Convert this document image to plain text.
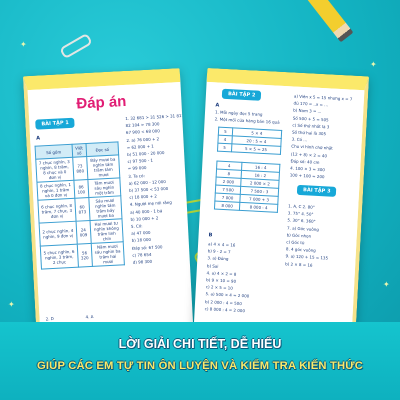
✦
✦
✦
✦
Đáp án
BÀI TẬP 1
A
Số gồm	Viết số	Đọc số
7 chục nghìn, 3 nghìn, 8 trăm, 8 chục và 0 đơn vị	73 880	Bảy mươi ba nghìn tám trăm tám mươi
8 chục nghìn, 1 nghìn, 1 trăm và 0 đơn vị	86 100	Tám mươi sáu nghìn một trăm
6 chục nghìn, 8 trăm, 7 chục, 3 đơn vị	60 873	Sáu mươi nghìn tám trăm bảy mươi ba
2 chục nghìn, 4 nghìn, 9 đơn vị	24 009	Hai mươi tư nghìn không trăm linh chín
5 chục nghìn, 6 nghìn, 3 trăm, 2 chục	56 320	Năm mươi sáu nghìn ba trăm hai mươi
2. D	4. A
1. 32 681 > 31 526 > 31 817
82 104 > 78 300
67 900 < 68 000
2. a) 76 000 + 2
= 62 000 + 1
b) 51 000 - 20 000
c) 97 500 - 1
= 99 000
3. Ta có:
a) 62 000 - 12 000
b) 37 500 < 53 000
c) 18 000 + 2
4. Người mẹ nói rằng
a) 40 000 - 1 bả
b) 10 000 + 2
5. Có:
a) 47 000
b) 18 000
Đáp số: 67 500
c) 78 654
d) 98 300
BÀI TẬP 2
A
1. Mỗi ngày đọc 5 trang
2. Một mối cửa hàng bán 16 quả
5	5 × 4
4	20 : 5 = 4
5	5 × 5 = 25
4	16 : 4
8	16 : 2
2 000	2 000 × 2
7 500	7 500 : 3
7 000	7 000 + 3
8 000	8 000 - 4
B
a) 4 × 4 = 16
b) 9 - 2 = 7
3. a) Đúng
b) Sai
4. a) 4 × 2 = 8
b) 9 × 10 = 90
c) 2 × 5 = 10
5. a) 500 × 4 = 2 000
b) 2 000 : 4 = 500
c) 8 000 : 4 = 2 000
a) Viên x 5 = 15 nhưng x = 7
đủ 170 = ..x = ...
b) Nam 3 = ...
Số 500 + 5 = 505
c) Số thứ nhất là 3
Số thứ hai là 305
3. Có ...
Chu vi hình chữ nhật
(12 + 8) × 2 = 40
Đáp số: 40 cm
4. 100 × 3 = 300
100 + 100 = 200
BÀI TẬP 3
1. A, C 2. 80°
3. 75° 4. 50°
5. 30° 6. 360°
7. a) Góc vuông
b) Góc nhọn
c) Góc tù
8. 4 góc vuông
9. a) 120 + 15 = 135
b) 2 × 8 = 16
LỜI GIẢI CHI TIẾT, DỄ HIỂU
GIÚP CÁC EM TỰ TIN ÔN LUYỆN VÀ KIỂM TRA KIẾN THỨC
